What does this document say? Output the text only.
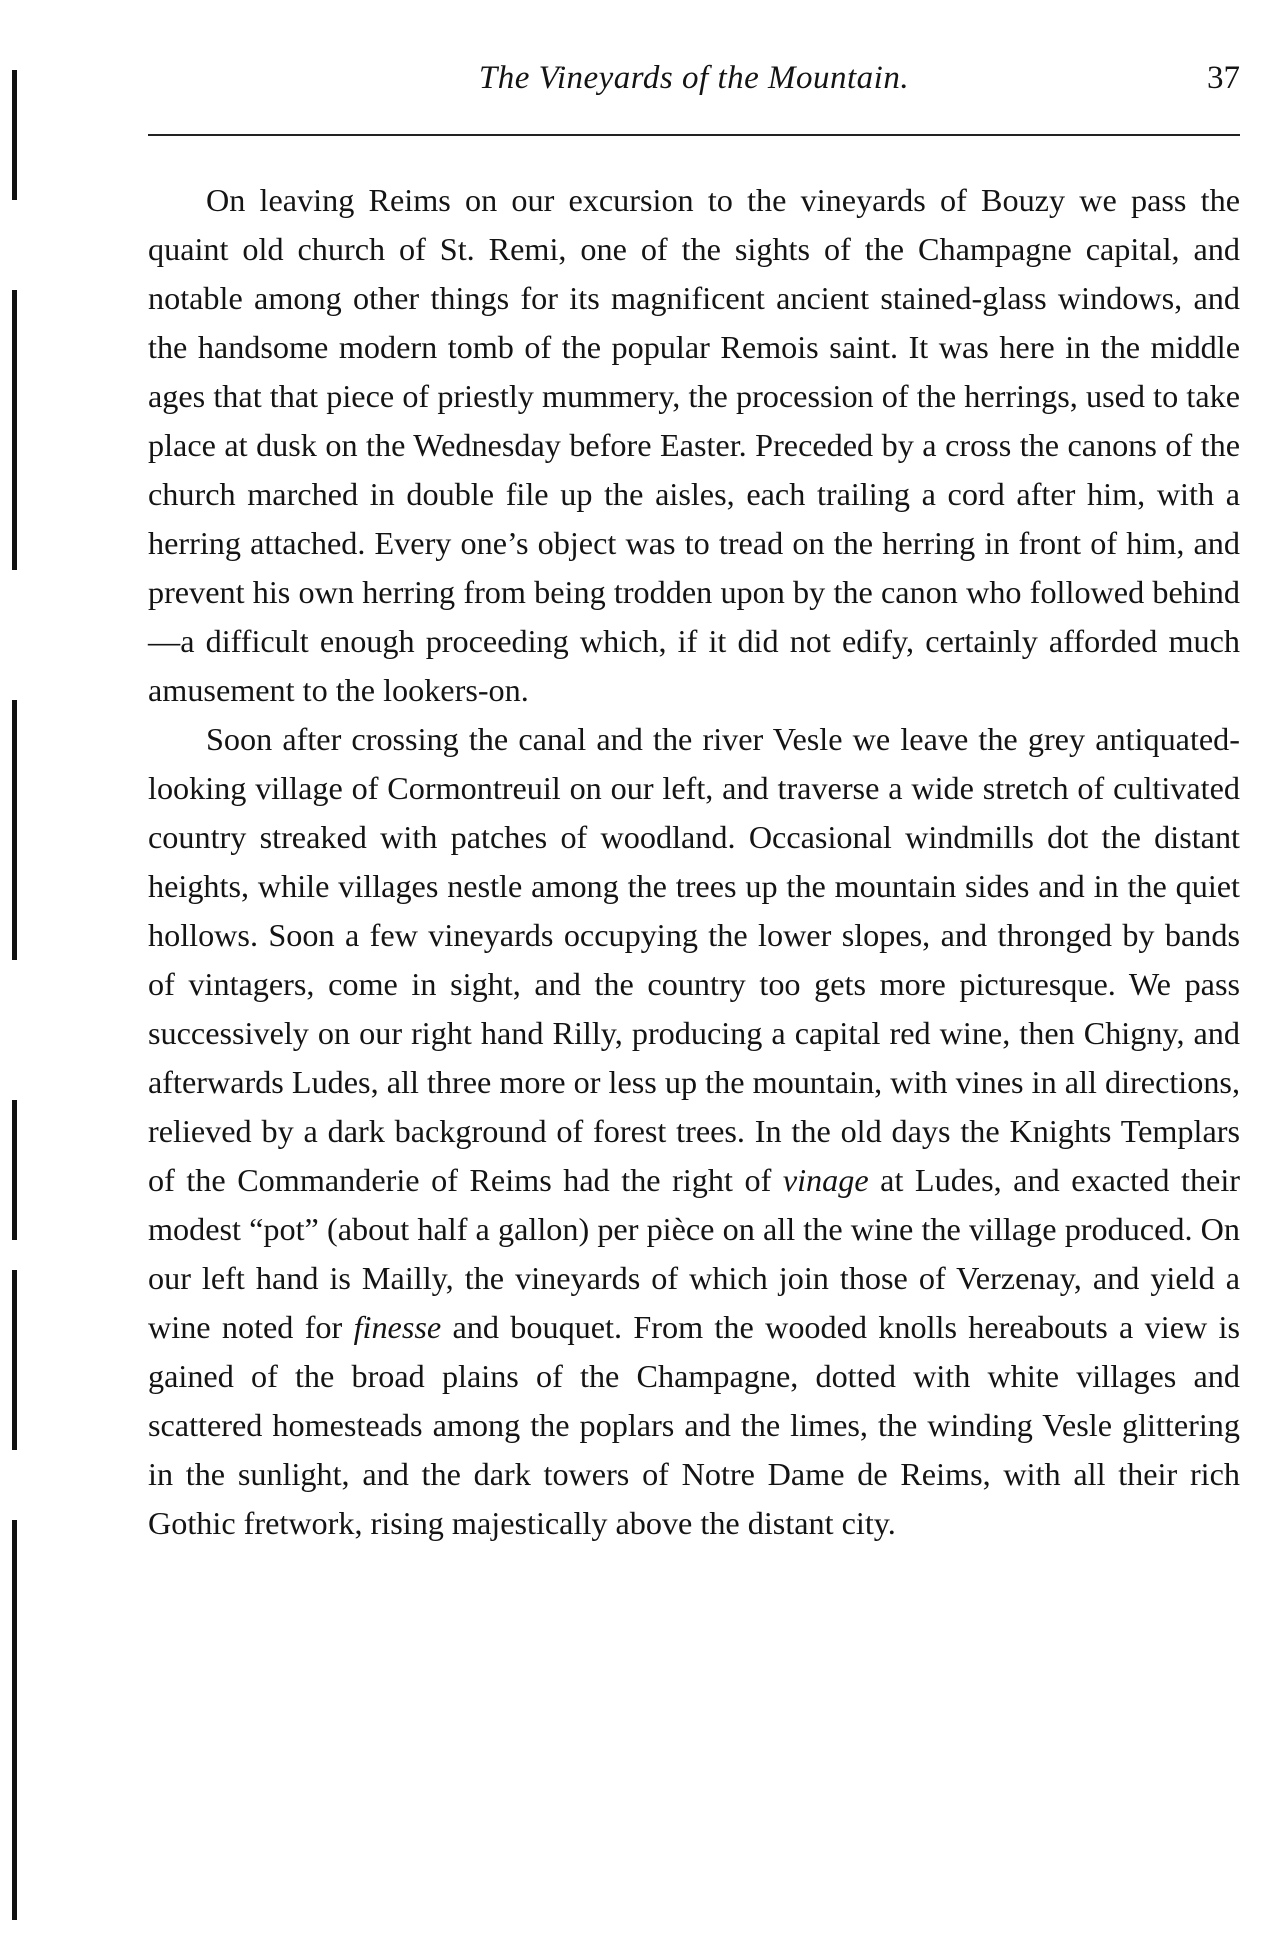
The Vineyards of the Mountain.	37

On leaving Reims on our excursion to the vineyards of Bouzy we pass the quaint old church of St. Remi, one of the sights of the Champagne capital, and notable among other things for its magnificent ancient stained-glass windows, and the handsome modern tomb of the popular Remois saint. It was here in the middle ages that that piece of priestly mummery, the procession of the herrings, used to take place at dusk on the Wednesday before Easter. Preceded by a cross the canons of the church marched in double file up the aisles, each trailing a cord after him, with a herring attached. Every one’s object was to tread on the herring in front of him, and prevent his own herring from being trodden upon by the canon who followed behind—a difficult enough proceeding which, if it did not edify, certainly afforded much amusement to the lookers-on.

Soon after crossing the canal and the river Vesle we leave the grey antiquated-looking village of Cormontreuil on our left, and traverse a wide stretch of cultivated country streaked with patches of woodland. Occasional windmills dot the distant heights, while villages nestle among the trees up the mountain sides and in the quiet hollows. Soon a few vineyards occupying the lower slopes, and thronged by bands of vintagers, come in sight, and the country too gets more picturesque. We pass successively on our right hand Rilly, producing a capital red wine, then Chigny, and afterwards Ludes, all three more or less up the mountain, with vines in all directions, relieved by a dark background of forest trees. In the old days the Knights Templars of the Commanderie of Reims had the right of vinage at Ludes, and exacted their modest “pot” (about half a gallon) per pièce on all the wine the village produced. On our left hand is Mailly, the vineyards of which join those of Verzenay, and yield a wine noted for finesse and bouquet. From the wooded knolls hereabouts a view is gained of the broad plains of the Champagne, dotted with white villages and scattered homesteads among the poplars and the limes, the winding Vesle glittering in the sunlight, and the dark towers of Notre Dame de Reims, with all their rich Gothic fretwork, rising majestically above the distant city.
